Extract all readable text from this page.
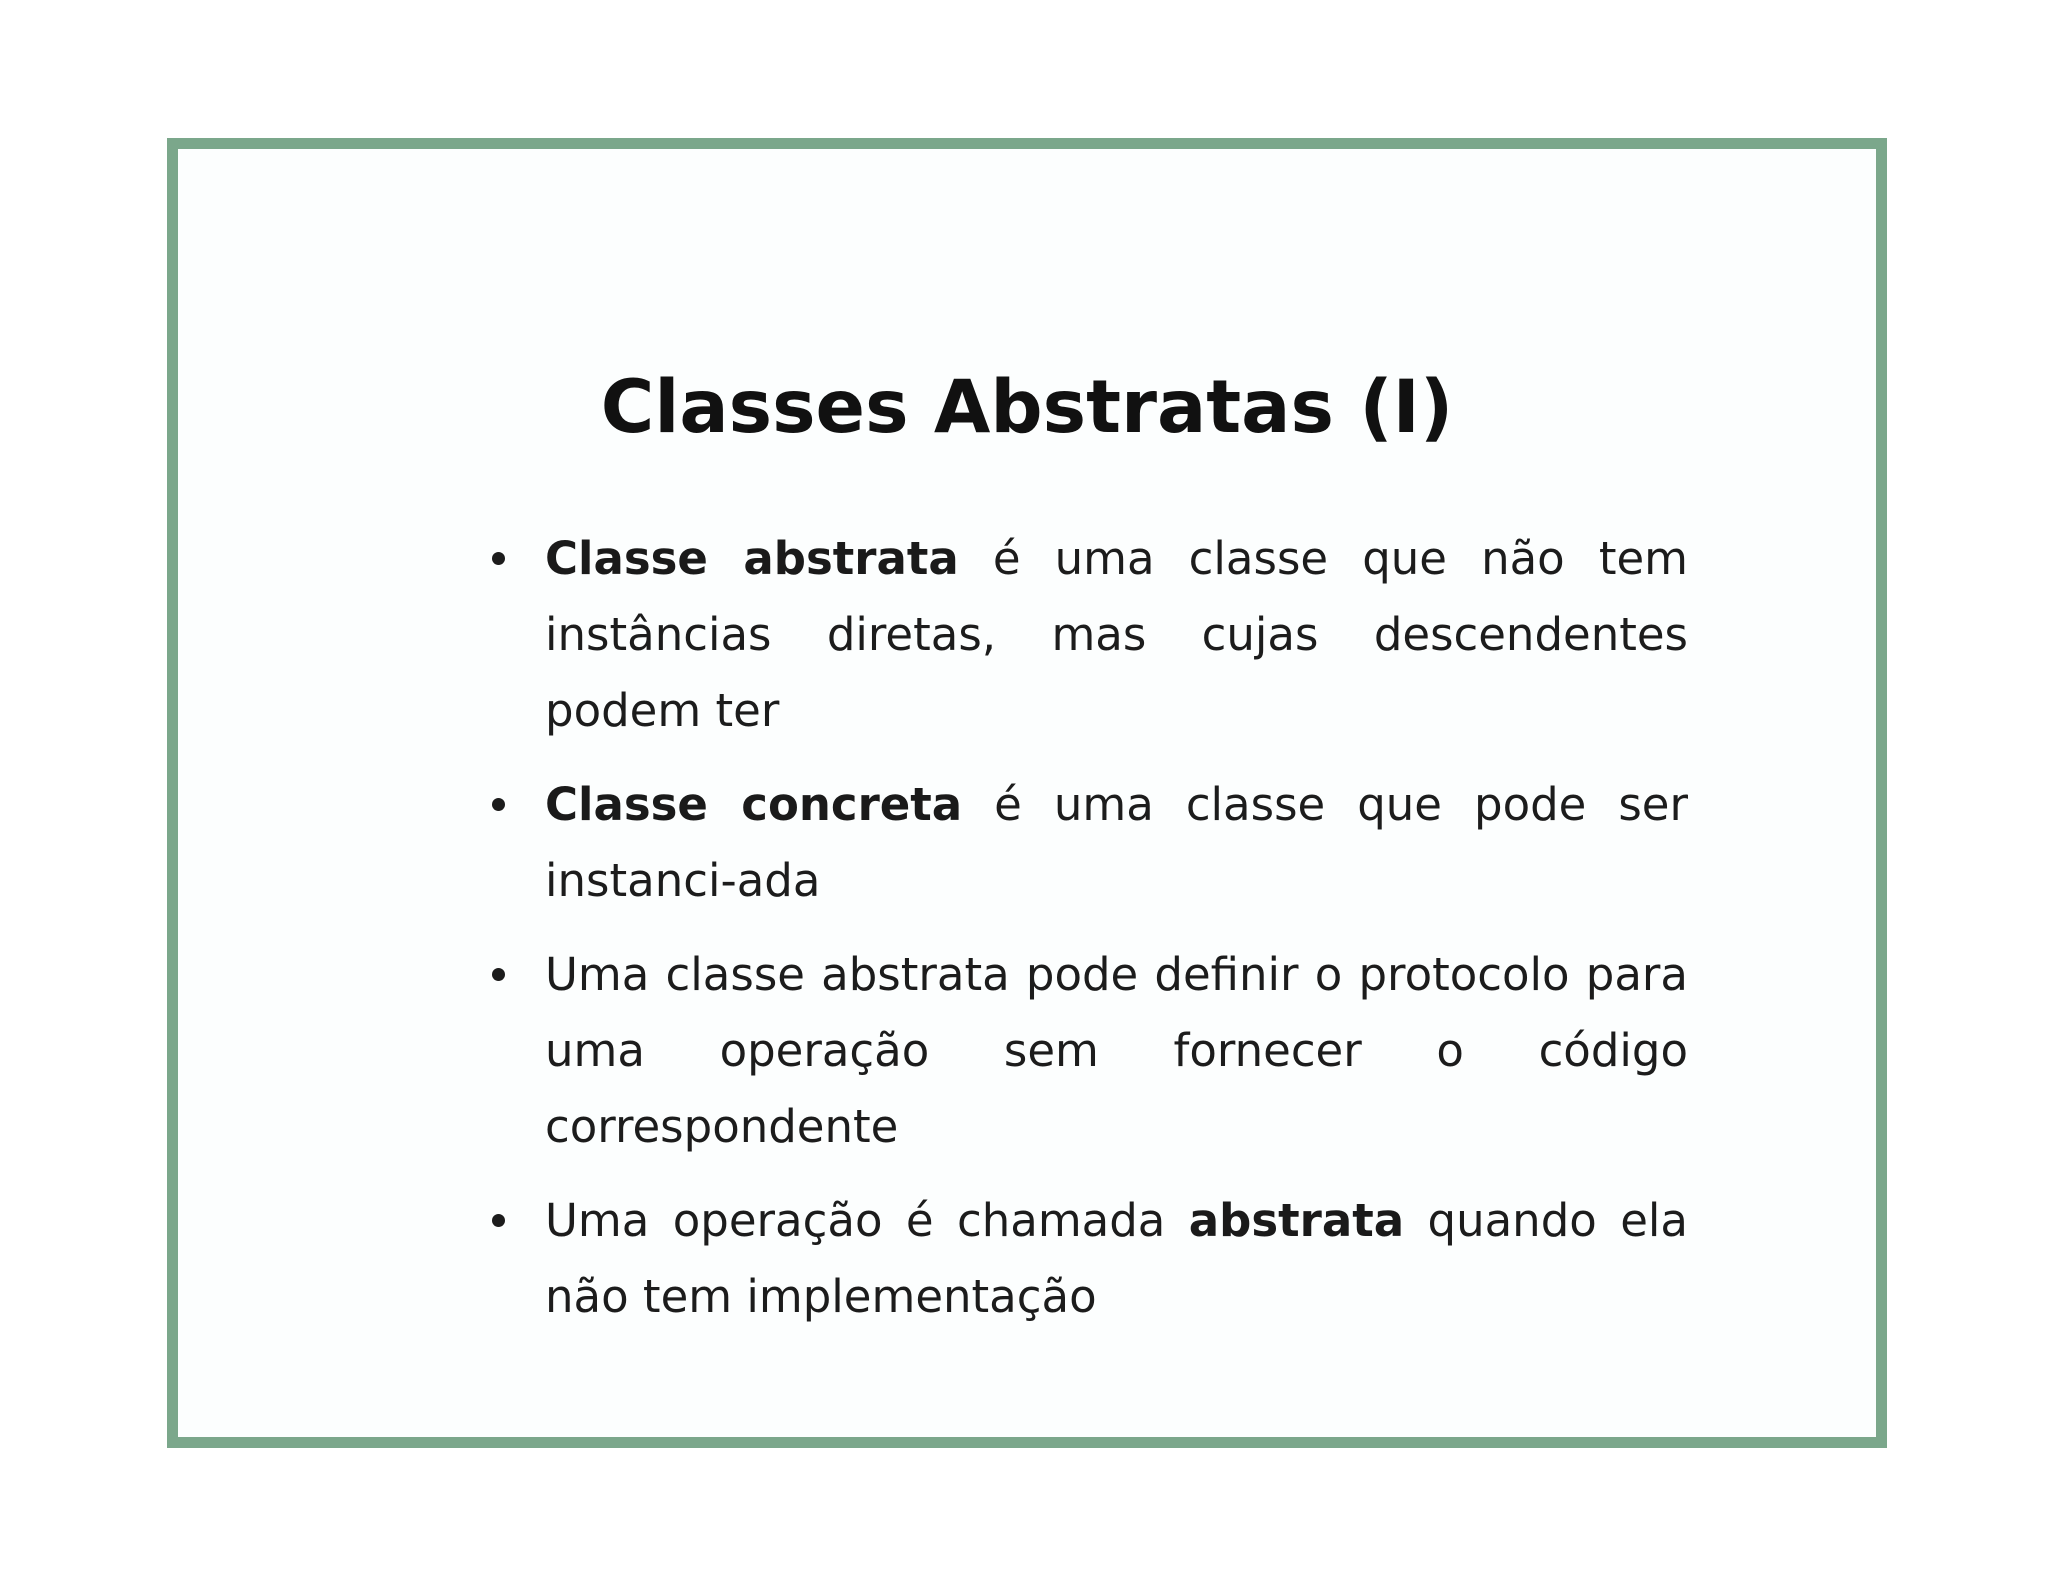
Classes Abstratas (I)
Classe abstrata é uma classe que não tem instâncias diretas, mas cujas descendentes podem ter
Classe concreta é uma classe que pode ser instanci-ada
Uma classe abstrata pode definir o protocolo para uma operação sem fornecer o código correspondente
Uma operação é chamada abstrata quando ela não tem implementação
